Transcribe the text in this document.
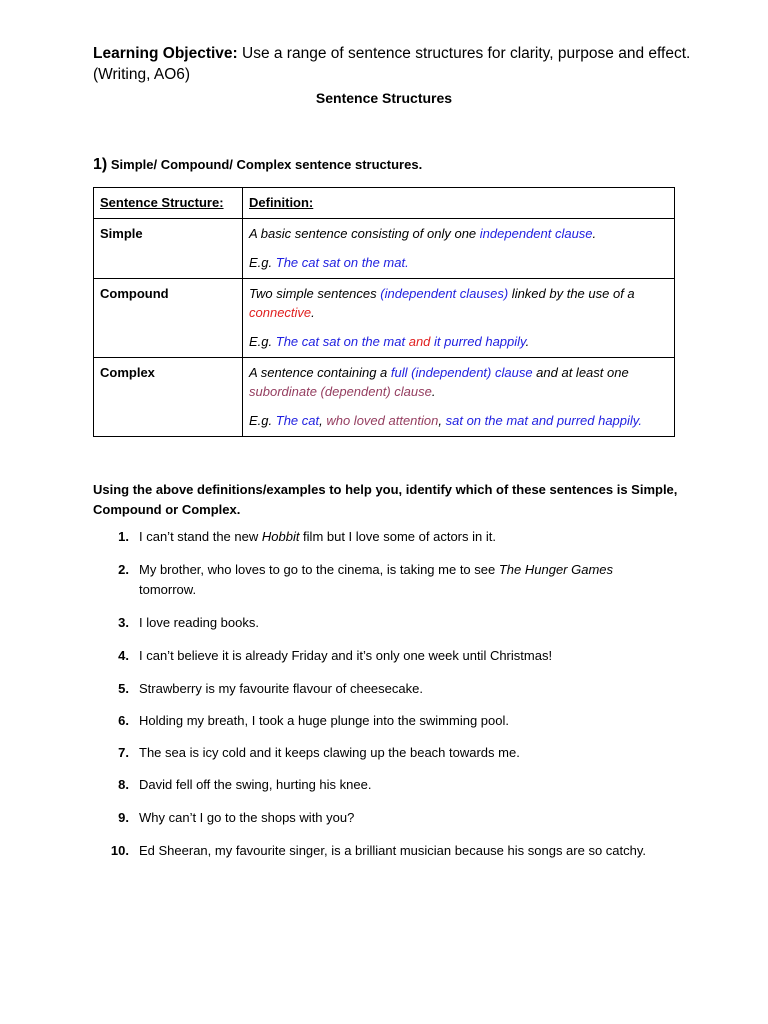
Learning Objective: Use a range of sentence structures for clarity, purpose and effect. (Writing, AO6)
Sentence Structures
1) Simple/ Compound/ Complex sentence structures.
Sentence Structure:	Definition:
Simple	A basic sentence consisting of only one independent clause.
E.g. The cat sat on the mat.

Compound	Two simple sentences (independent clauses) linked by the use of a connective.
E.g. The cat sat on the mat and it purred happily.

Complex	A sentence containing a full (independent) clause and at least one subordinate (dependent) clause.
E.g. The cat, who loved attention, sat on the mat and purred happily.
Using the above definitions/examples to help you, identify which of these sentences is Simple, Compound or Complex.
1. I can’t stand the new Hobbit film but I love some of actors in it.
2. My brother, who loves to go to the cinema, is taking me to see The Hunger Games tomorrow.
3. I love reading books.
4. I can’t believe it is already Friday and it’s only one week until Christmas!
5. Strawberry is my favourite flavour of cheesecake.
6. Holding my breath, I took a huge plunge into the swimming pool.
7. The sea is icy cold and it keeps clawing up the beach towards me.
8. David fell off the swing, hurting his knee.
9. Why can’t I go to the shops with you?
10. Ed Sheeran, my favourite singer, is a brilliant musician because his songs are so catchy.
